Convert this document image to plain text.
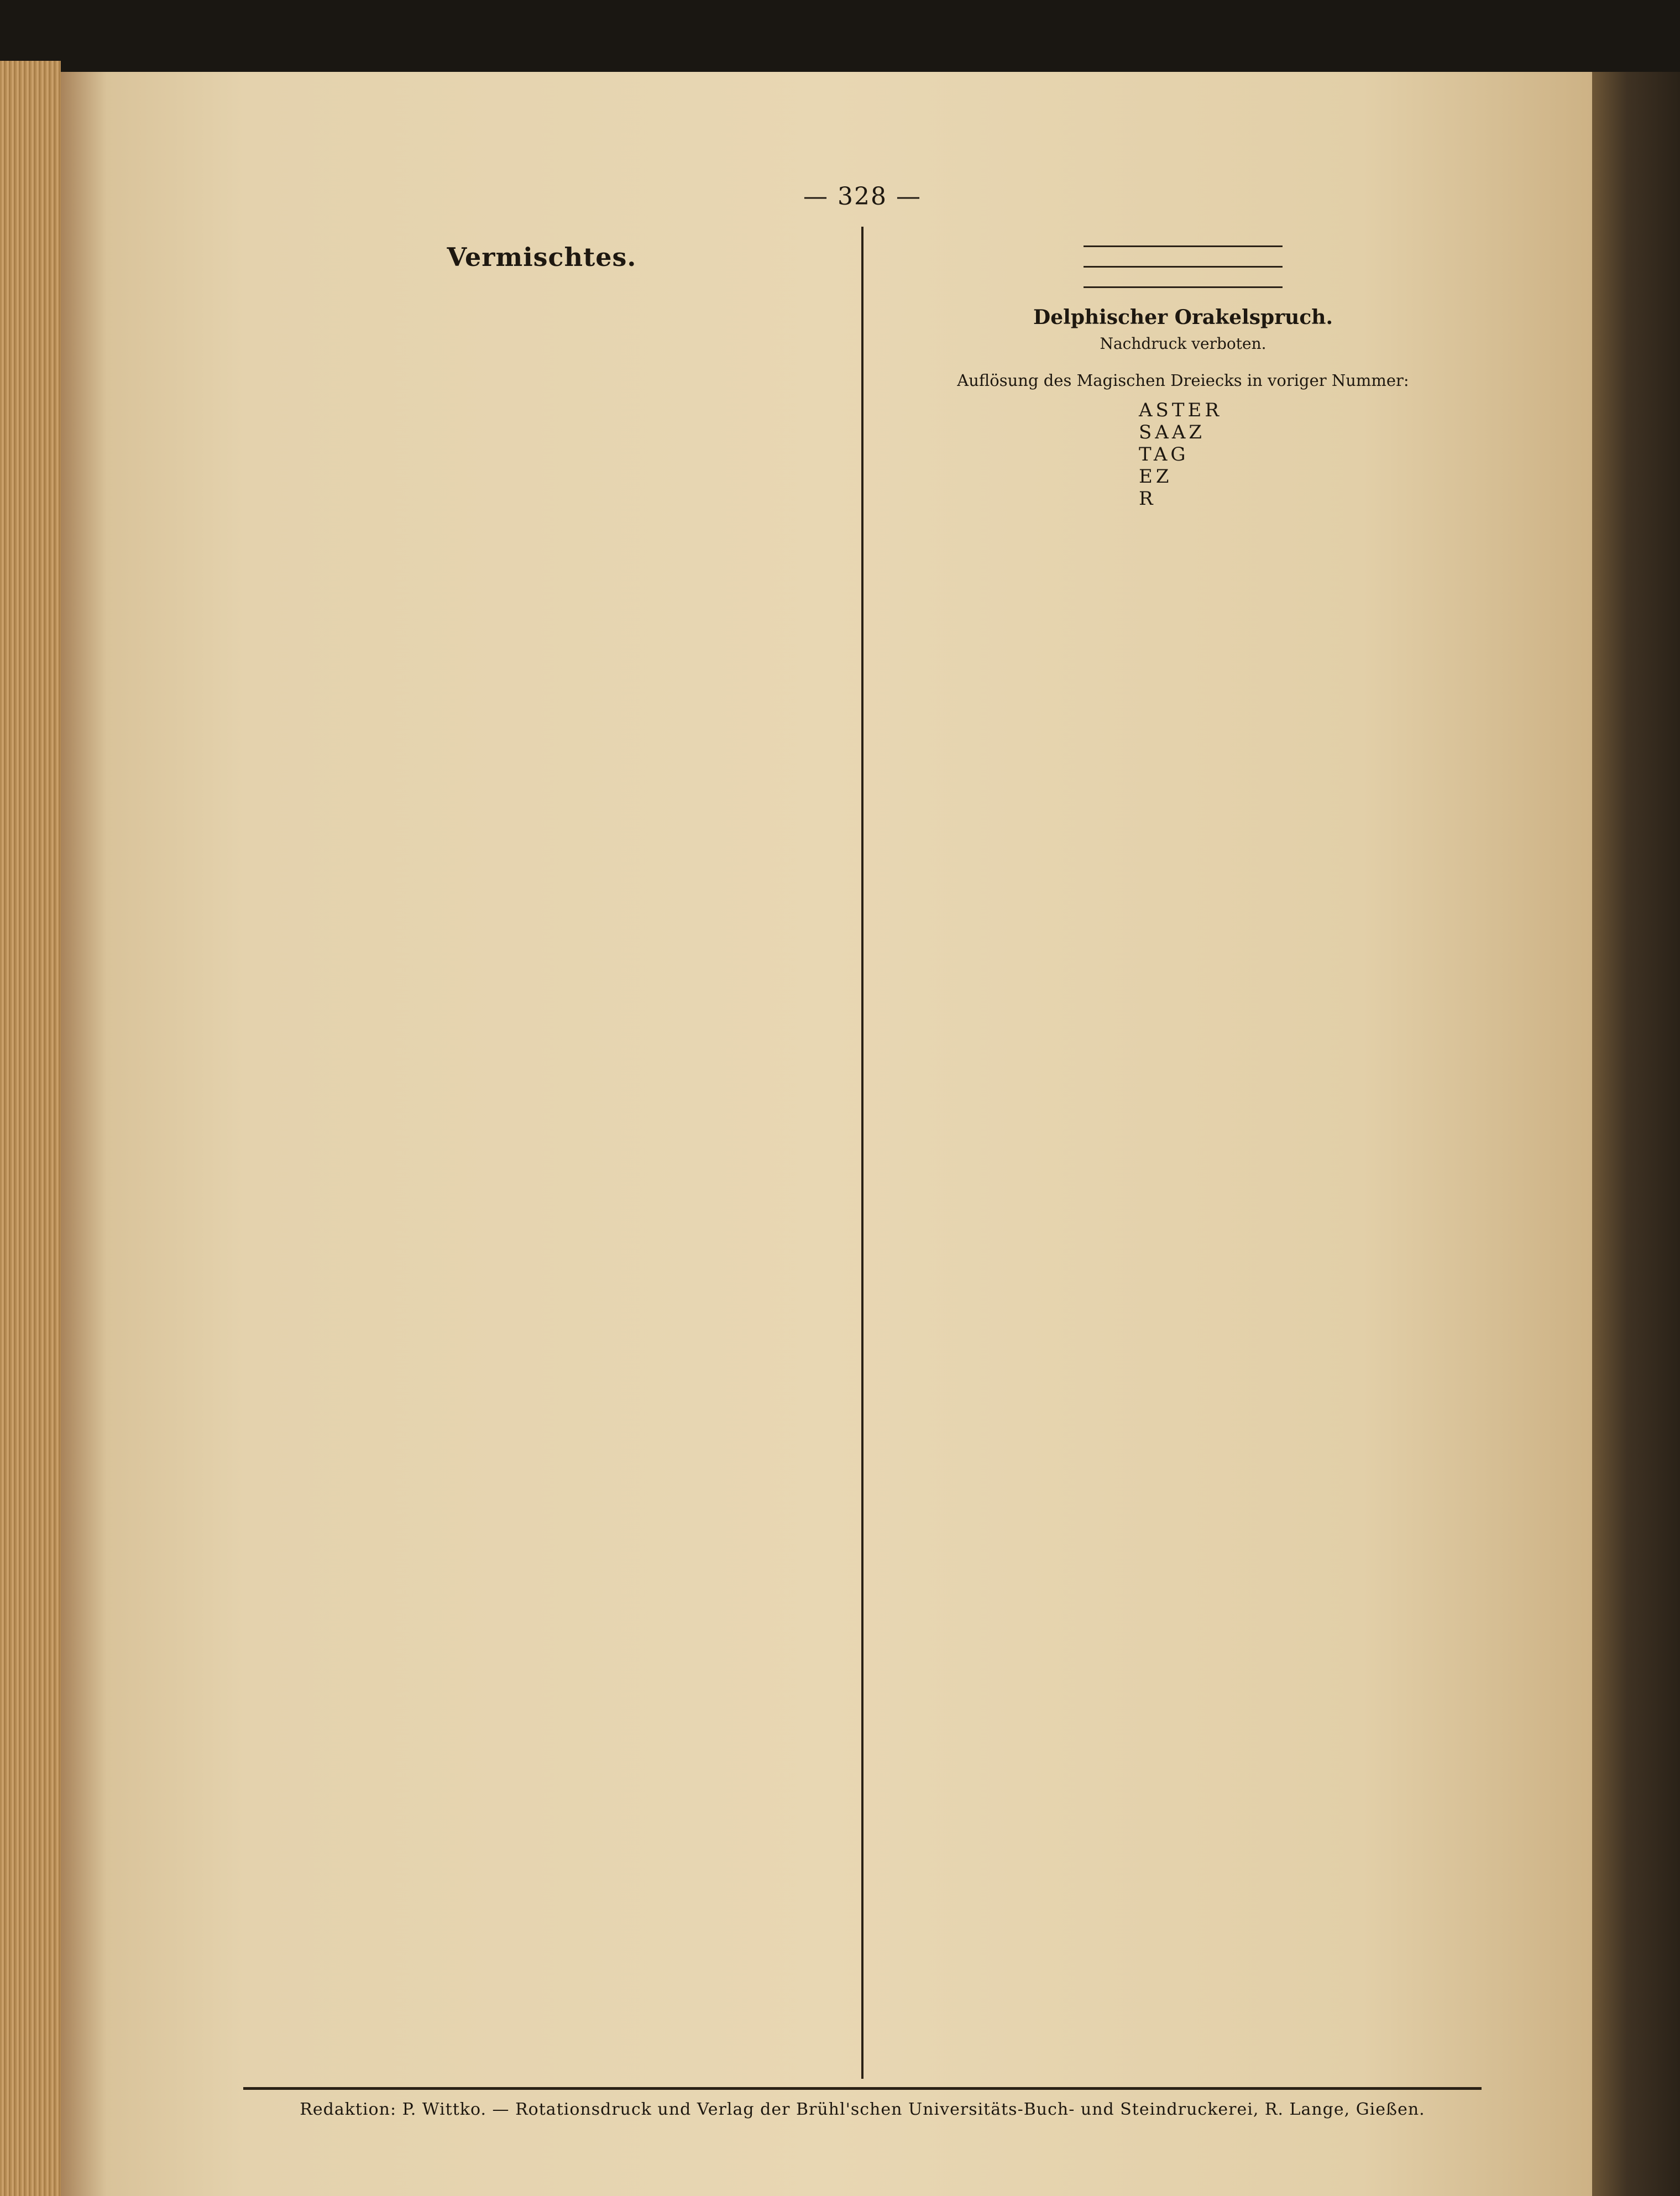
— 328 —

Vermischtes.

Delphischer Orakelspruch.
Nachdruck verboten.

Auflösung des Magischen Dreiecks in voriger Nummer:

ASTER
SAAZ
TAG
EZ
R
Redaktion: P. Wittko. — Rotationsdruck und Verlag der Brühl'schen Universitäts-Buch- und Steindruckerei, R. Lange, Gießen.
